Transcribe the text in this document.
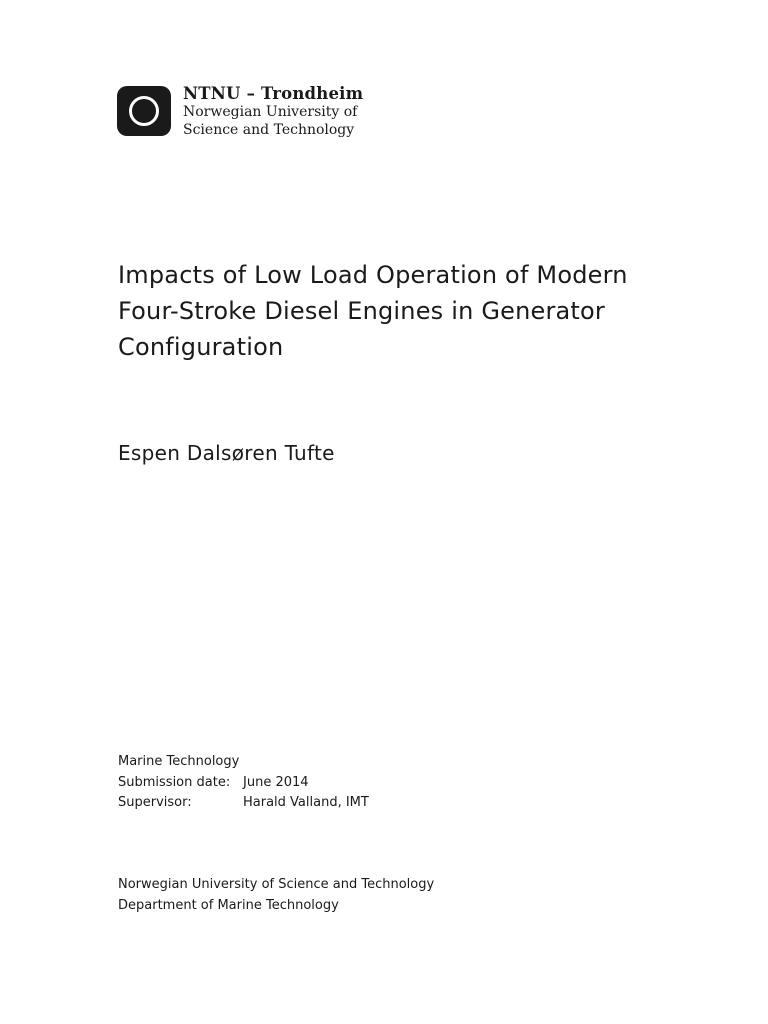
NTNU – Trondheim
Norwegian University of
Science and Technology
Impacts of Low Load Operation of Modern
Four-Stroke Diesel Engines in Generator
Configuration
Espen Dalsøren Tufte
Marine Technology
Submission date: June 2014
Supervisor:	Harald Valland, IMT
Norwegian University of Science and Technology
Department of Marine Technology
